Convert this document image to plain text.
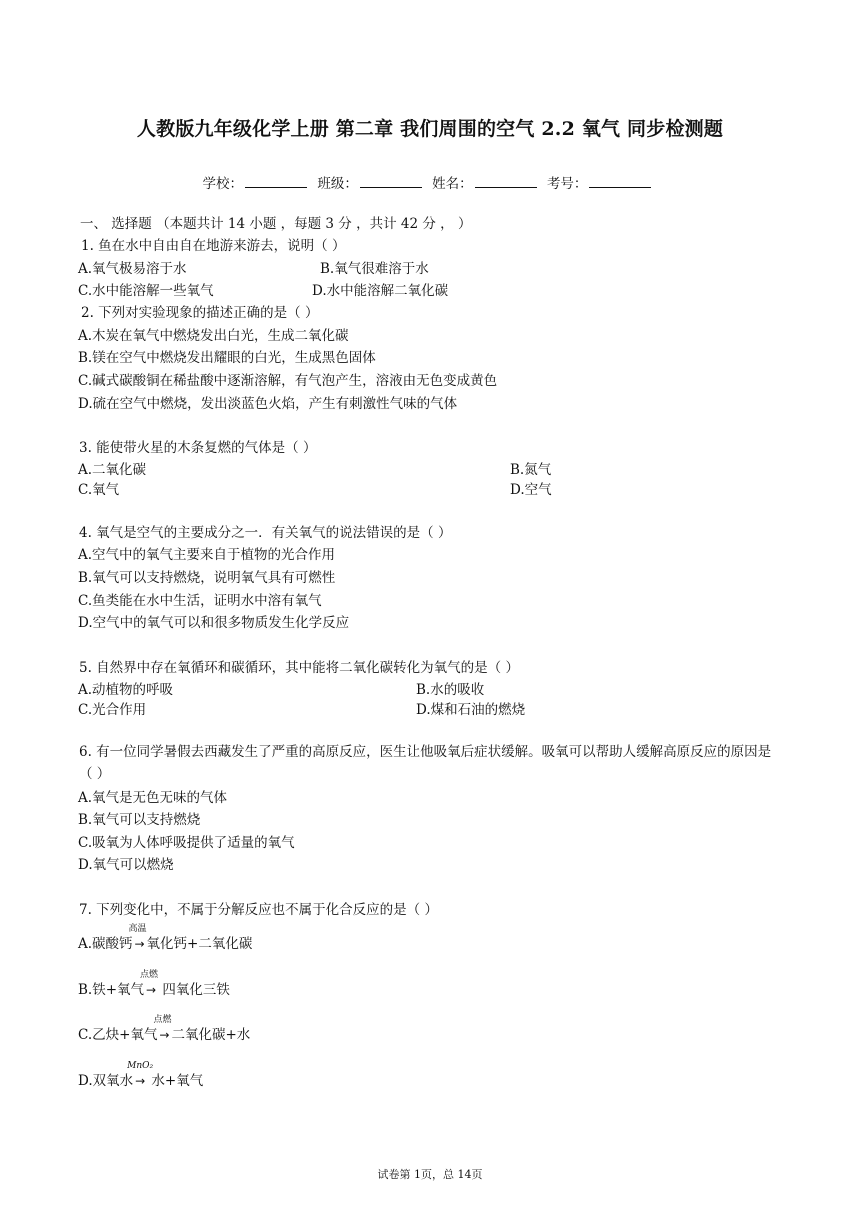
人教版九年级化学上册 第二章 我们周围的空气 2.2 氧气 同步检测题
学校：	班级：	姓名：	考号：
一、 选择题 （本题共计 14 小题 ，每题 3 分 ，共计 42 分 ， ）
1. 鱼在水中自由自在地游来游去，说明（ ）
A.氧气极易溶于水	B.氧气很难溶于水
C.水中能溶解一些氧气	D.水中能溶解二氧化碳
2. 下列对实验现象的描述正确的是（ ）
A.木炭在氧气中燃烧发出白光，生成二氧化碳
B.镁在空气中燃烧发出耀眼的白光，生成黑色固体
C.碱式碳酸铜在稀盐酸中逐渐溶解，有气泡产生，溶液由无色变成黄色
D.硫在空气中燃烧，发出淡蓝色火焰，产生有刺激性气味的气体
3. 能使带火星的木条复燃的气体是（ ）
A.二氧化碳	B.氮气
C.氧气	D.空气
4. 氧气是空气的主要成分之一．有关氧气的说法错误的是（ ）
A.空气中的氧气主要来自于植物的光合作用
B.氧气可以支持燃烧，说明氧气具有可燃性
C.鱼类能在水中生活，证明水中溶有氧气
D.空气中的氧气可以和很多物质发生化学反应
5. 自然界中存在氧循环和碳循环，其中能将二氧化碳转化为氧气的是（ ）
A.动植物的呼吸	B.水的吸收
C.光合作用	D.煤和石油的燃烧
6. 有一位同学暑假去西藏发生了严重的高原反应，医生让他吸氧后症状缓解。吸氧可以帮助人缓解高原反应的原因是（ ）
A.氧气是无色无味的气体
B.氧气可以支持燃烧
C.吸氧为人体呼吸提供了适量的氧气
D.氧气可以燃烧
7. 下列变化中，不属于分解反应也不属于化合反应的是（ ）
A.碳酸钙
高温
→ 氧化钙+二氧化碳
B.铁+氧气
点燃
→ 四氧化三铁
C.乙炔+氧气
点燃
→ 二氧化碳+水
D.双氧水
MnO₂
→ 水+氧气
试卷第 1页，总 14页
